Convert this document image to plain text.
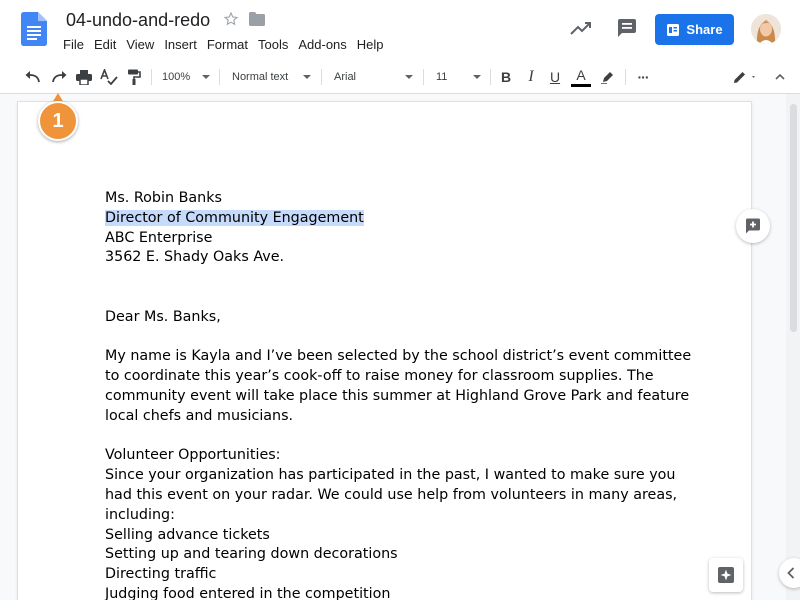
04-undo-and-redo
File Edit View Insert Format Tools Add-ons Help
Share
100%	Normal text	Arial	11	B I U A	···
Ms. Robin Banks
Director of Community Engagement
ABC Enterprise
3562 E. Shady Oaks Ave.
Dear Ms. Banks,
My name is Kayla and I’ve been selected by the school district’s event committee
to coordinate this year’s cook-off to raise money for classroom supplies. The
community event will take place this summer at Highland Grove Park and feature
local chefs and musicians.
Volunteer Opportunities:
Since your organization has participated in the past, I wanted to make sure you
had this event on your radar. We could use help from volunteers in many areas,
including:
Selling advance tickets
Setting up and tearing down decorations
Directing traffic
Judging food entered in the competition
1
